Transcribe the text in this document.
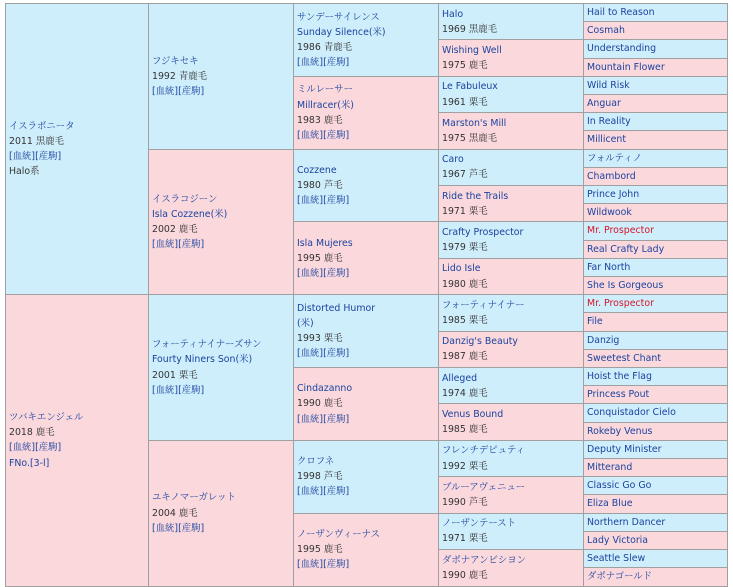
イスラボニータ
2011 黒鹿毛
[血統][産駒]
Halo系	フジキセキ
1992 青鹿毛
[血統][産駒]	サンデーサイレンス
Sunday Silence(米)
1986 青鹿毛
[血統][産駒]	Halo
1969 黒鹿毛	Hail to Reason

				Cosmah

			Wishing Well
1975 鹿毛	Understanding

				Mountain Flower

		ミルレーサー
Millracer(米)
1983 鹿毛
[血統][産駒]	Le Fabuleux
1961 栗毛	Wild Risk

				Anguar

			Marston's Mill
1975 黒鹿毛	In Reality

				Millicent

	イスラコジーン
Isla Cozzene(米)
2002 鹿毛
[血統][産駒]	Cozzene
1980 芦毛
[血統][産駒]	Caro
1967 芦毛	フォルティノ

				Chambord

			Ride the Trails
1971 栗毛	Prince John

				Wildwook

		Isla Mujeres
1995 鹿毛
[血統][産駒]	Crafty Prospector
1979 栗毛	Mr. Prospector

				Real Crafty Lady

			Lido Isle
1980 鹿毛	Far North

				She Is Gorgeous

ツバキエンジェル
2018 鹿毛
[血統][産駒]
FNo.[3-l]	フォーティナイナーズサン
Fourty Niners Son(米)
2001 栗毛
[血統][産駒]	Distorted Humor
(米)
1993 栗毛
[血統][産駒]	フォーティナイナー
1985 栗毛	Mr. Prospector

				File

			Danzig's Beauty
1987 鹿毛	Danzig

				Sweetest Chant

		Cindazanno
1990 鹿毛
[血統][産駒]	Alleged
1974 鹿毛	Hoist the Flag

				Princess Pout

			Venus Bound
1985 鹿毛	Conquistador Cielo

				Rokeby Venus

	ユキノマーガレット
2004 鹿毛
[血統][産駒]	クロフネ
1998 芦毛
[血統][産駒]	フレンチデピュティ
1992 栗毛	Deputy Minister

				Mitterand

			ブルーアヴェニュー
1990 芦毛	Classic Go Go

				Eliza Blue

		ノーザンヴィーナス
1995 鹿毛
[血統][産駒]	ノーザンテースト
1971 栗毛	Northern Dancer

				Lady Victoria

			ダボナアンビシヨン
1990 鹿毛	Seattle Slew

				ダボナゴールド
